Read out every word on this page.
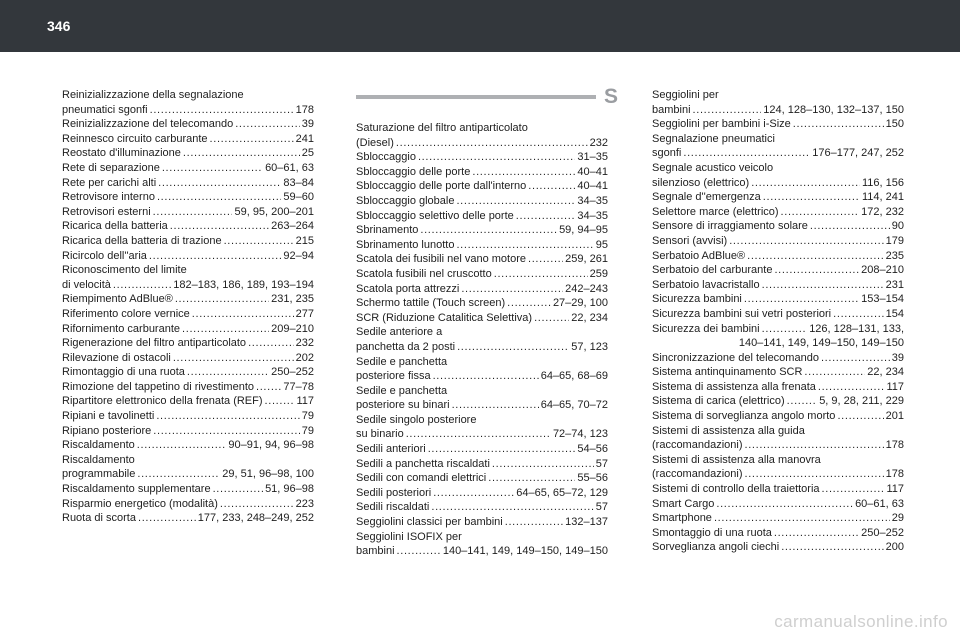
346
Reinizializzazione della segnalazione
pneumatici sgonfi . . .	178
Reinizializzazione del telecomando . . .	39
Reinnesco circuito carburante . . .	241
Reostato d'illuminazione . . .	25
Rete di separazione . . .	60–61, 63
Rete per carichi alti . . .	83–84
Retrovisore interno . . .	59–60
Retrovisori esterni . . .	59, 95, 200–201
Ricarica della batteria . . .	263–264
Ricarica della batteria di trazione . . .	215
Ricircolo dell''aria . . .	92–94
Riconoscimento del limite
di velocità . . .	182–183, 186, 189, 193–194
Riempimento AdBlue® . . .	231, 235
Riferimento colore vernice . . .	277
Rifornimento carburante . . .	209–210
Rigenerazione del filtro antiparticolato . . .	232
Rilevazione di ostacoli . . .	202
Rimontaggio di una ruota . . .	250–252
Rimozione del tappetino di rivestimento . . .	77–78
Ripartitore elettronico della frenata (REF) . . .	117
Ripiani e tavolinetti . . .	79
Ripiano posteriore . . .	79
Riscaldamento . . .	90–91, 94, 96–98
Riscaldamento
programmabile . . .	29, 51, 96–98, 100
Riscaldamento supplementare . . .	51, 96–98
Risparmio energetico (modalità) . . .	223
Ruota di scorta . . .	177, 233, 248–249, 252
S
Saturazione del filtro antiparticolato
(Diesel) . . .	232
Sbloccaggio . . .	31–35
Sbloccaggio delle porte . . .	40–41
Sbloccaggio delle porte dall'interno . . .	40–41
Sbloccaggio globale . . .	34–35
Sbloccaggio selettivo delle porte . . .	34–35
Sbrinamento . . .	59, 94–95
Sbrinamento lunotto . . .	95
Scatola dei fusibili nel vano motore . . .	259, 261
Scatola fusibili nel cruscotto . . .	259
Scatola porta attrezzi . . .	242–243
Schermo tattile (Touch screen) . . .	27–29, 100
SCR (Riduzione Catalitica Selettiva) . . .	22, 234
Sedile anteriore a
panchetta da 2 posti . . .	57, 123
Sedile e panchetta
posteriore fissa . . .	64–65, 68–69
Sedile e panchetta
posteriore su binari . . .	64–65, 70–72
Sedile singolo posteriore
su binario . . .	72–74, 123
Sedili anteriori . . .	54–56
Sedili a panchetta riscaldati . . .	57
Sedili con comandi elettrici . . .	55–56
Sedili posteriori . . .	64–65, 65–72, 129
Sedili riscaldati . . .	57
Seggiolini classici per bambini . . .	132–137
Seggiolini ISOFIX per
bambini . . .	140–141, 149, 149–150, 149–150
Seggiolini per
bambini . . .	124, 128–130, 132–137, 150
Seggiolini per bambini i-Size . . .	150
Segnalazione pneumatici
sgonfi . . .	176–177, 247, 252
Segnale acustico veicolo
silenzioso (elettrico) . . .	116, 156
Segnale d''emergenza . . .	114, 241
Selettore marce (elettrico) . . .	172, 232
Sensore di irraggiamento solare . . .	90
Sensori (avvisi) . . .	179
Serbatoio AdBlue® . . .	235
Serbatoio del carburante . . .	208–210
Serbatoio lavacristallo . . .	231
Sicurezza bambini . . .	153–154
Sicurezza bambini sui vetri posteriori . . .	154
Sicurezza dei bambini . . .	126, 128–131, 133,
140–141, 149, 149–150, 149–150
Sincronizzazione del telecomando . . .	39
Sistema antinquinamento SCR . . .	22, 234
Sistema di assistenza alla frenata . . .	117
Sistema di carica (elettrico) . . .	5, 9, 28, 211, 229
Sistema di sorveglianza angolo morto . . .	201
Sistemi di assistenza alla guida
(raccomandazioni) . . .	178
Sistemi di assistenza alla manovra
(raccomandazioni) . . .	178
Sistemi di controllo della traiettoria . . .	117
Smart Cargo . . .	60–61, 63
Smartphone . . .	29
Smontaggio di una ruota . . .	250–252
Sorveglianza angoli ciechi . . .	200
carmanualsonline.info
